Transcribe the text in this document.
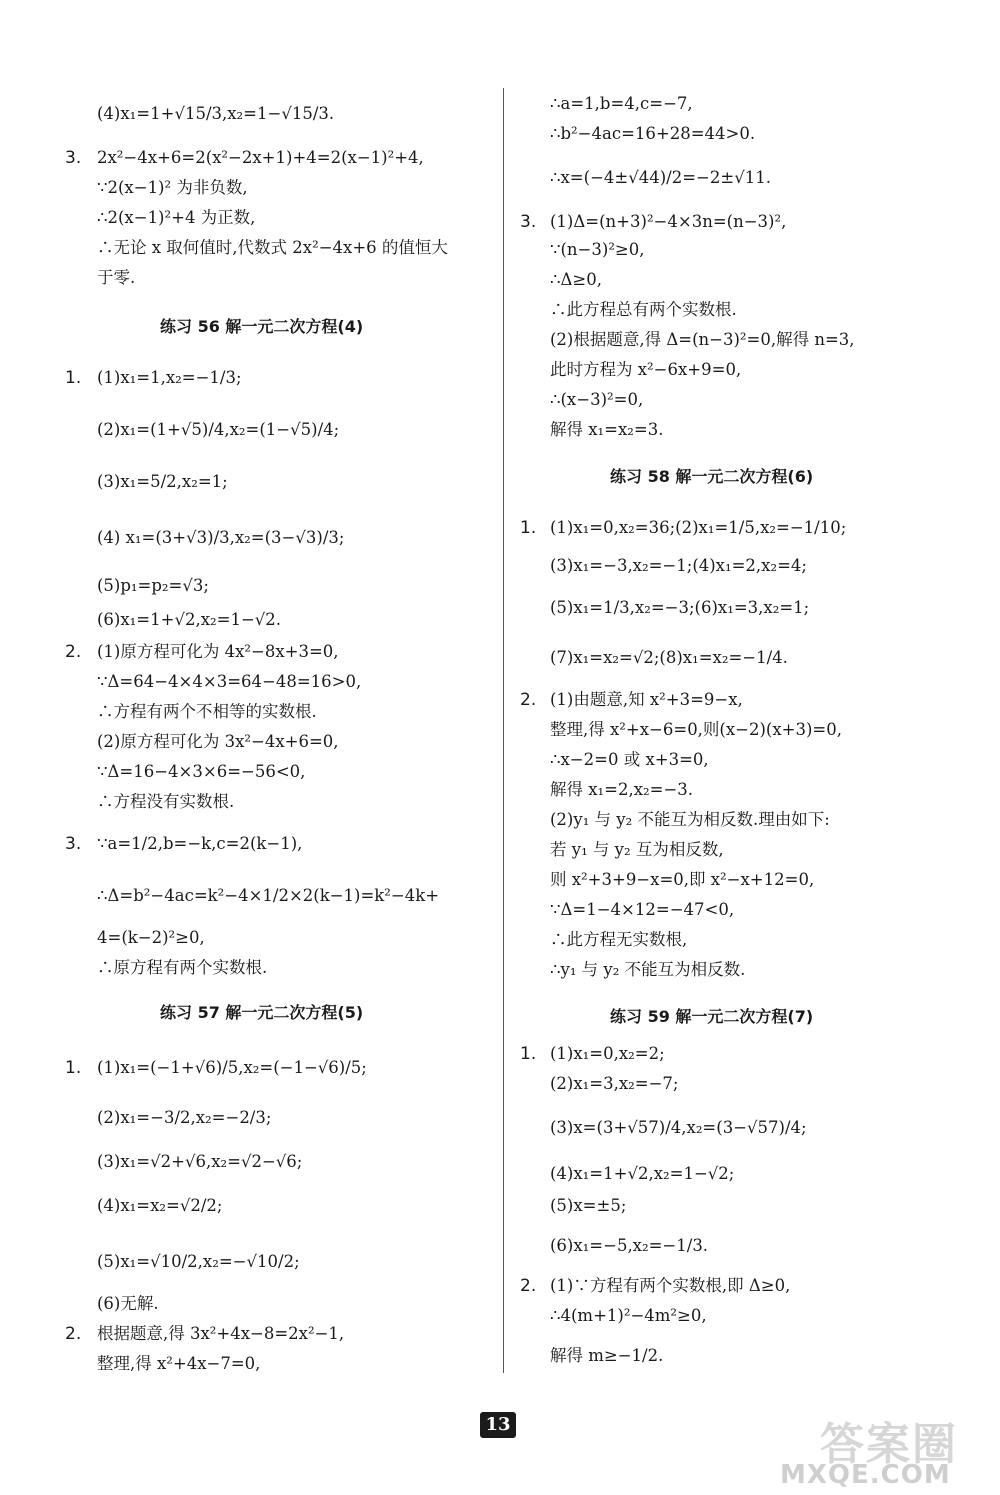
(4)x₁=1+√15/3,x₂=1−√15/3.
3. 2x²−4x+6=2(x²−2x+1)+4=2(x−1)²+4,
∵2(x−1)² 为非负数,
∴2(x−1)²+4 为正数,
∴无论 x 取何值时,代数式 2x²−4x+6 的值恒大
于零.
练习 56 解一元二次方程(4)
1. (1)x₁=1,x₂=−1/3;
(2)x₁=(1+√5)/4,x₂=(1−√5)/4;
(3)x₁=5/2,x₂=1;
(4) x₁=(3+√3)/3,x₂=(3−√3)/3;
(5)p₁=p₂=√3;
(6)x₁=1+√2,x₂=1−√2.
2. (1)原方程可化为 4x²−8x+3=0,
∵Δ=64−4×4×3=64−48=16>0,
∴方程有两个不相等的实数根.
(2)原方程可化为 3x²−4x+6=0,
∵Δ=16−4×3×6=−56<0,
∴方程没有实数根.
3. ∵a=1/2,b=−k,c=2(k−1),
∴Δ=b²−4ac=k²−4×1/2×2(k−1)=k²−4k+
4=(k−2)²≥0,
∴原方程有两个实数根.
练习 57 解一元二次方程(5)
1. (1)x₁=(−1+√6)/5,x₂=(−1−√6)/5;
(2)x₁=−3/2,x₂=−2/3;
(3)x₁=√2+√6,x₂=√2−√6;
(4)x₁=x₂=√2/2;
(5)x₁=√10/2,x₂=−√10/2;
(6)无解.
2. 根据题意,得 3x²+4x−8=2x²−1,
整理,得 x²+4x−7=0,
∴a=1,b=4,c=−7,
∴b²−4ac=16+28=44>0.
∴x=(−4±√44)/2=−2±√11.
3. (1)Δ=(n+3)²−4×3n=(n−3)²,
∵(n−3)²≥0,
∴Δ≥0,
∴此方程总有两个实数根.
(2)根据题意,得 Δ=(n−3)²=0,解得 n=3,
此时方程为 x²−6x+9=0,
∴(x−3)²=0,
解得 x₁=x₂=3.
练习 58 解一元二次方程(6)
1. (1)x₁=0,x₂=36;(2)x₁=1/5,x₂=−1/10;
(3)x₁=−3,x₂=−1;(4)x₁=2,x₂=4;
(5)x₁=1/3,x₂=−3;(6)x₁=3,x₂=1;
(7)x₁=x₂=√2;(8)x₁=x₂=−1/4.
2. (1)由题意,知 x²+3=9−x,
整理,得 x²+x−6=0,则(x−2)(x+3)=0,
∴x−2=0 或 x+3=0,
解得 x₁=2,x₂=−3.
(2)y₁ 与 y₂ 不能互为相反数.理由如下:
若 y₁ 与 y₂ 互为相反数,
则 x²+3+9−x=0,即 x²−x+12=0,
∵Δ=1−4×12=−47<0,
∴此方程无实数根,
∴y₁ 与 y₂ 不能互为相反数.
练习 59 解一元二次方程(7)
1. (1)x₁=0,x₂=2;
(2)x₁=3,x₂=−7;
(3)x=(3+√57)/4,x₂=(3−√57)/4;
(4)x₁=1+√2,x₂=1−√2;
(5)x=±5;
(6)x₁=−5,x₂=−1/3.
2. (1)∵方程有两个实数根,即 Δ≥0,
∴4(m+1)²−4m²≥0,
解得 m≥−1/2.
13	答案圈
MXQE.COM
